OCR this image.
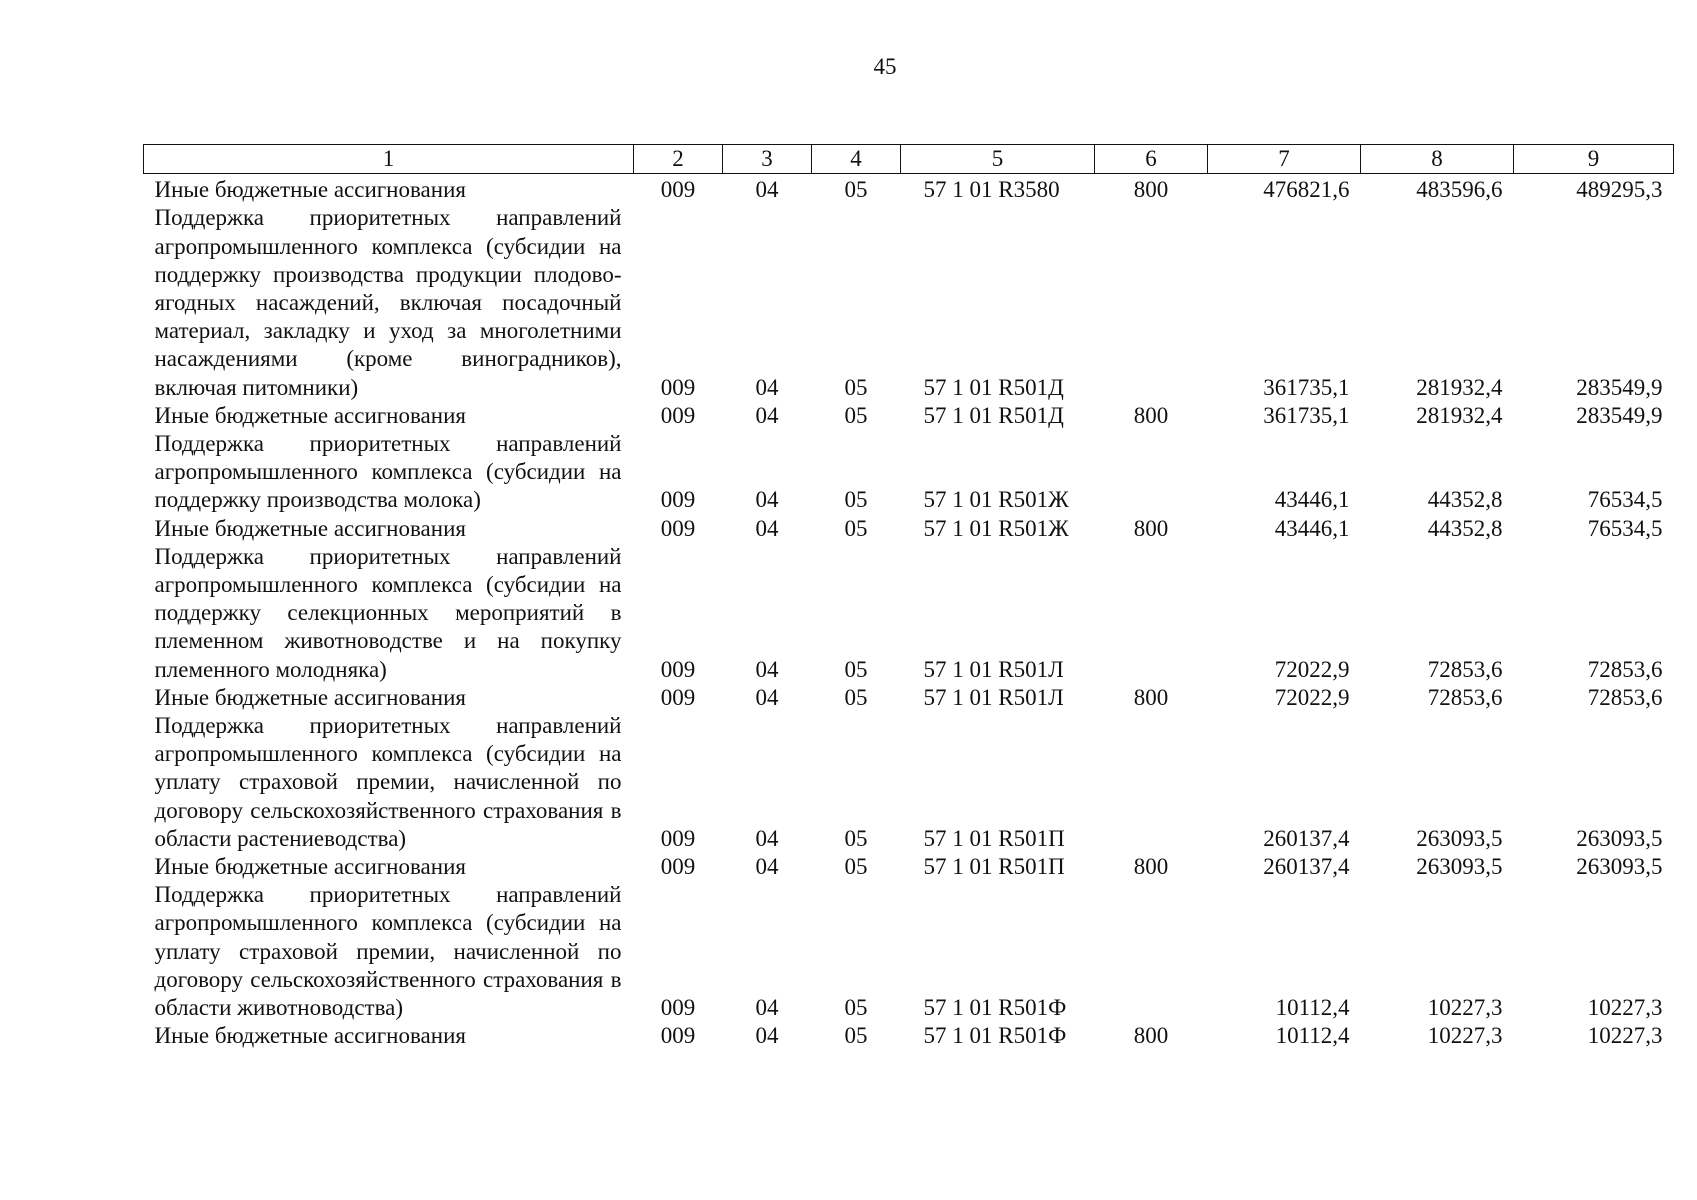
45
1	2	3	4	5	6	7	8	9
Иные бюджетные ассигнования	009	04	05	57 1 01 R3580	800	476821,6	483596,6	489295,3
Поддержка приоритетных направлений агропромышленного комплекса (субсидии на поддержку производства продукции плодово-ягодных насаждений, включая посадочный материал, закладку и уход за многолетними насаждениями (кроме виноградников), включая питомники)	009	04	05	57 1 01 R501Д		361735,1	281932,4	283549,9
Иные бюджетные ассигнования	009	04	05	57 1 01 R501Д	800	361735,1	281932,4	283549,9
Поддержка приоритетных направлений агропромышленного комплекса (субсидии на поддержку производства молока)	009	04	05	57 1 01 R501Ж		43446,1	44352,8	76534,5
Иные бюджетные ассигнования	009	04	05	57 1 01 R501Ж	800	43446,1	44352,8	76534,5
Поддержка приоритетных направлений агропромышленного комплекса (субсидии на поддержку селекционных мероприятий в племенном животноводстве и на покупку племенного молодняка)	009	04	05	57 1 01 R501Л		72022,9	72853,6	72853,6
Иные бюджетные ассигнования	009	04	05	57 1 01 R501Л	800	72022,9	72853,6	72853,6
Поддержка приоритетных направлений агропромышленного комплекса (субсидии на уплату страховой премии, начисленной по договору сельскохозяйственного страхования в области растениеводства)	009	04	05	57 1 01 R501П		260137,4	263093,5	263093,5
Иные бюджетные ассигнования	009	04	05	57 1 01 R501П	800	260137,4	263093,5	263093,5
Поддержка приоритетных направлений агропромышленного комплекса (субсидии на уплату страховой премии, начисленной по договору сельскохозяйственного страхования в области животноводства)	009	04	05	57 1 01 R501Ф		10112,4	10227,3	10227,3
Иные бюджетные ассигнования	009	04	05	57 1 01 R501Ф	800	10112,4	10227,3	10227,3
